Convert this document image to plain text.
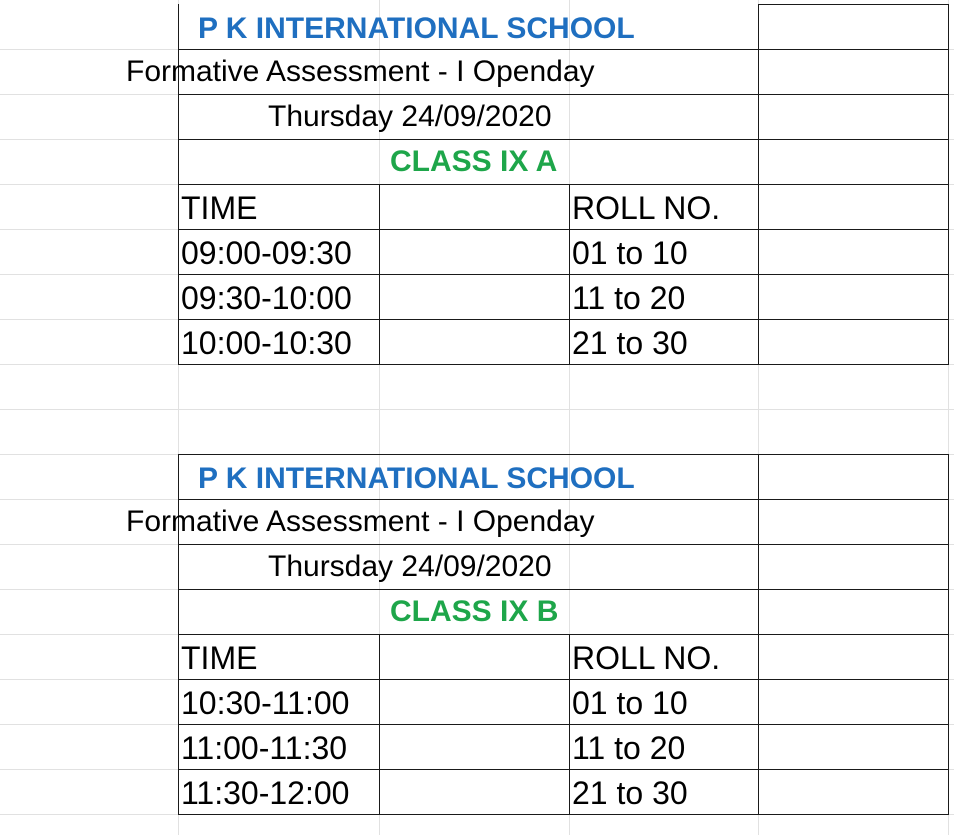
P K INTERNATIONAL SCHOOL
Formative Assessment - I Openday
Thursday 24/09/2020
CLASS IX A
TIME	ROLL NO.
09:00-09:30	01 to 10
09:30-10:00	11 to 20
10:00-10:30	21 to 30
P K INTERNATIONAL SCHOOL
Formative Assessment - I Openday
Thursday 24/09/2020
CLASS IX B
TIME	ROLL NO.
10:30-11:00	01 to 10
11:00-11:30	11 to 20
11:30-12:00	21 to 30
